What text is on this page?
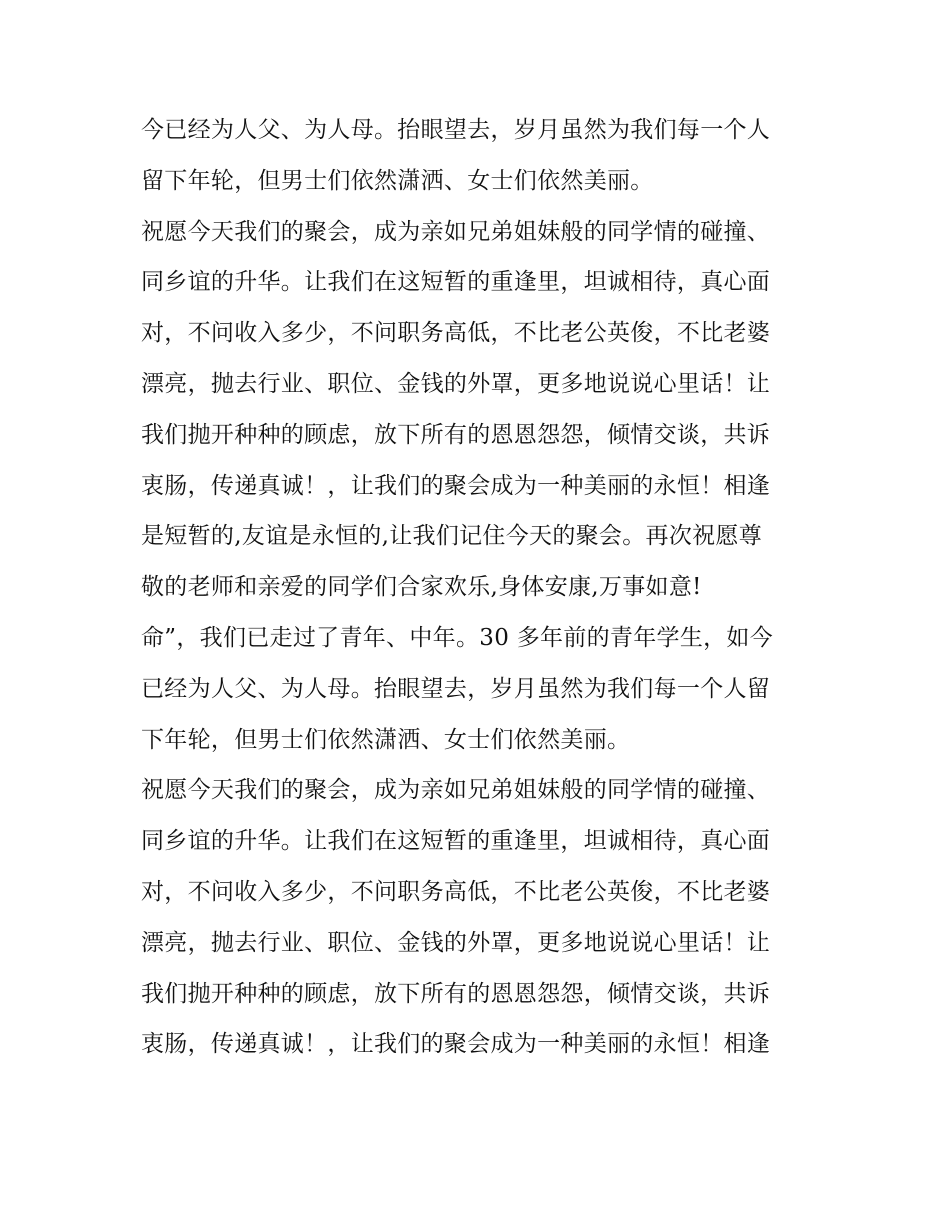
今已经为人父、为人母。抬眼望去，岁月虽然为我们每一个人
留下年轮，但男士们依然潇洒、女士们依然美丽。
祝愿今天我们的聚会，成为亲如兄弟姐妹般的同学情的碰撞、
同乡谊的升华。让我们在这短暂的重逢里，坦诚相待，真心面
对，不问收入多少，不问职务高低，不比老公英俊，不比老婆
漂亮，抛去行业、职位、金钱的外罩，更多地说说心里话！让
我们抛开种种的顾虑，放下所有的恩恩怨怨，倾情交谈，共诉
衷肠，传递真诚！，让我们的聚会成为一种美丽的永恒！相逢
是短暂的,友谊是永恒的,让我们记住今天的聚会。再次祝愿尊
敬的老师和亲爱的同学们合家欢乐,身体安康,万事如意!
命”，我们已走过了青年、中年。30 多年前的青年学生，如今
已经为人父、为人母。抬眼望去，岁月虽然为我们每一个人留
下年轮，但男士们依然潇洒、女士们依然美丽。
祝愿今天我们的聚会，成为亲如兄弟姐妹般的同学情的碰撞、
同乡谊的升华。让我们在这短暂的重逢里，坦诚相待，真心面
对，不问收入多少，不问职务高低，不比老公英俊，不比老婆
漂亮，抛去行业、职位、金钱的外罩，更多地说说心里话！让
我们抛开种种的顾虑，放下所有的恩恩怨怨，倾情交谈，共诉
衷肠，传递真诚！，让我们的聚会成为一种美丽的永恒！相逢
